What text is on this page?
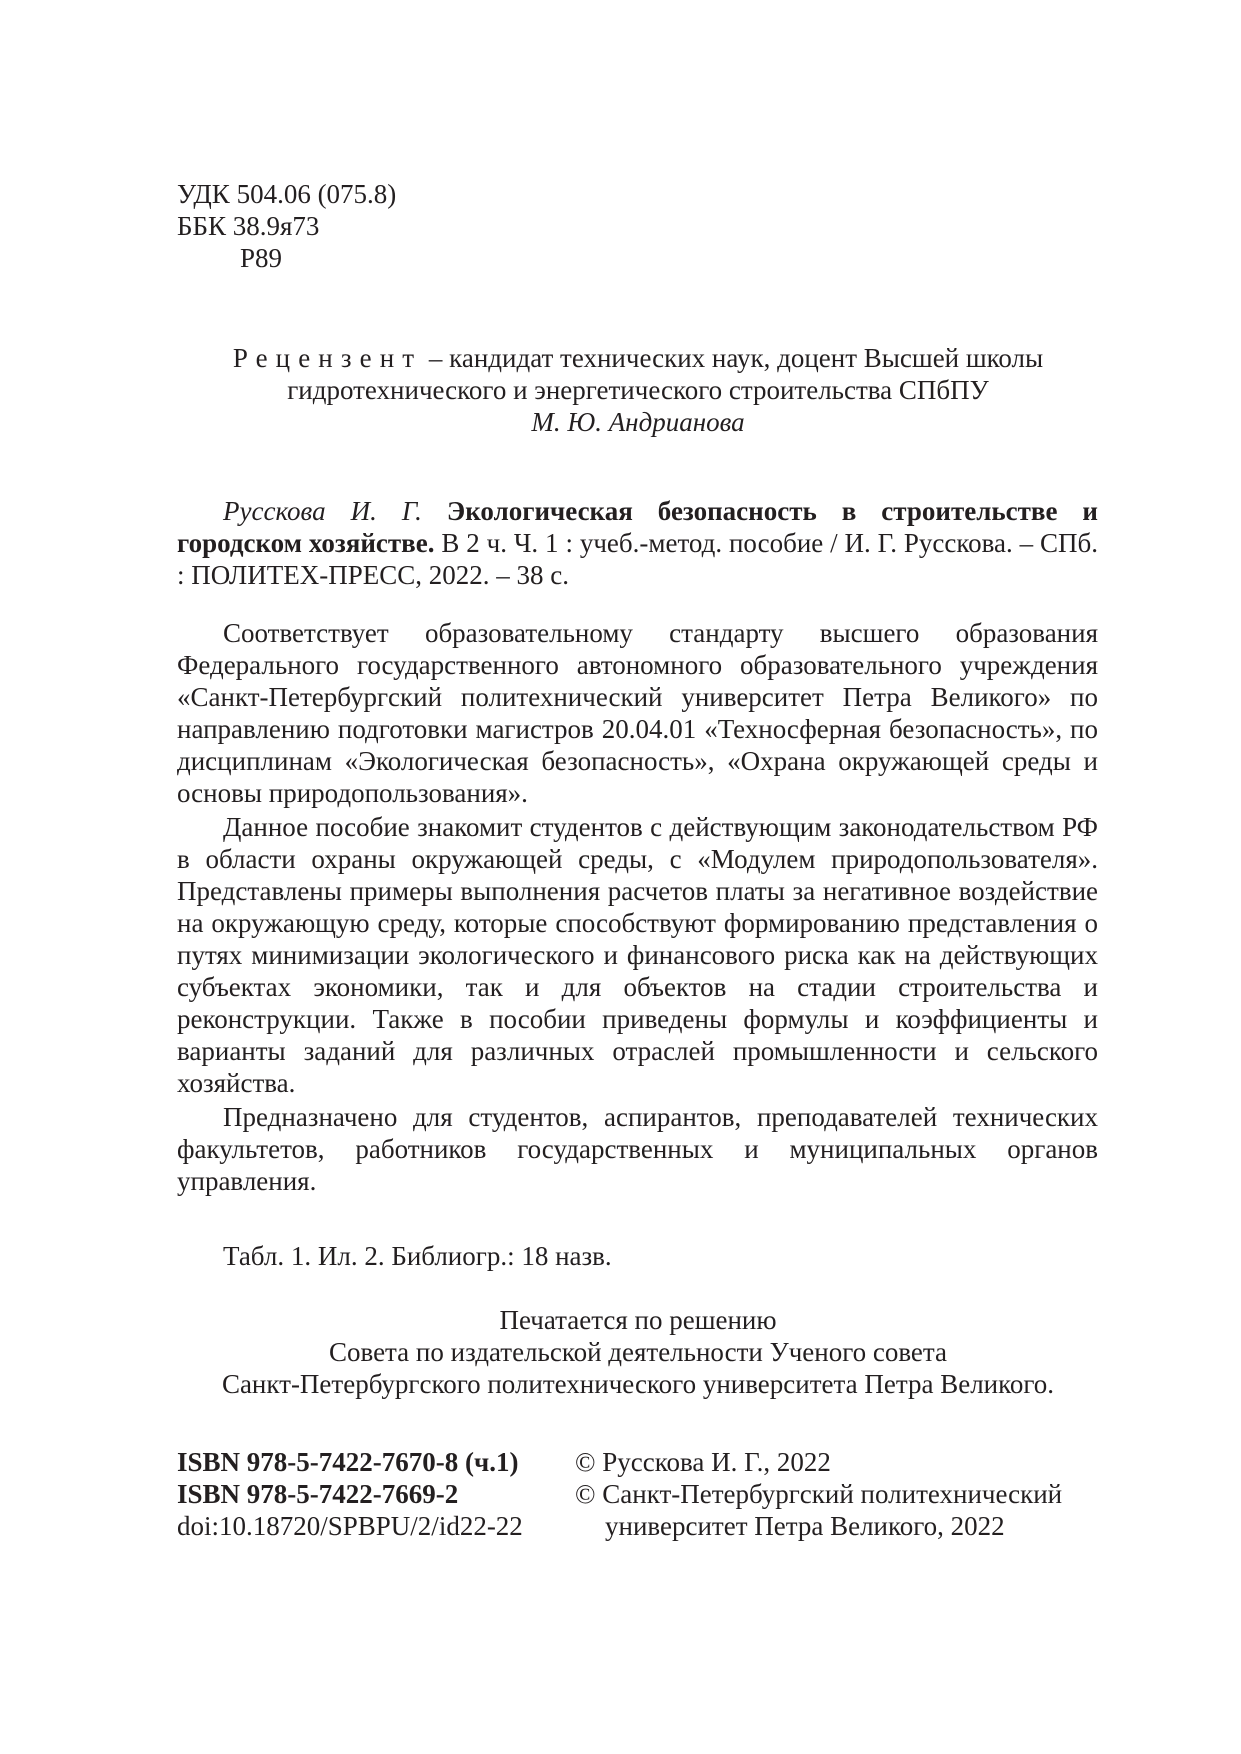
УДК 504.06 (075.8)
ББК 38.9я73
Р89
Рецензент – кандидат технических наук, доцент Высшей школы
гидротехнического и энергетического строительства СПбПУ
М. Ю. Андрианова
Русскова И. Г. Экологическая безопасность в строительстве и городском хозяйстве. В 2 ч. Ч. 1 : учеб.-метод. пособие / И. Г. Русскова. – СПб. : ПОЛИТЕХ-ПРЕСС, 2022. – 38 с.

Соответствует образовательному стандарту высшего образования Федерального государственного автономного образовательного учреждения «Санкт-Петербургский политехнический университет Петра Великого» по направлению подготовки магистров 20.04.01 «Техносферная безопасность», по дисциплинам «Экологическая безопасность», «Охрана окружающей среды и основы природопользования».

Данное пособие знакомит студентов с действующим законодательством РФ в области охраны окружающей среды, с «Модулем природопользователя». Представлены примеры выполнения расчетов платы за негативное воздействие на окружающую среду, которые способствуют формированию представления о путях минимизации экологического и финансового риска как на действующих субъектах экономики, так и для объектов на стадии строительства и реконструкции. Также в пособии приведены формулы и коэффициенты и варианты заданий для различных отраслей промышленности и сельского хозяйства.

Предназначено для студентов, аспирантов, преподавателей технических факультетов, работников государственных и муниципальных органов управления.

Табл. 1. Ил. 2. Библиогр.: 18 назв.
Печатается по решению
Совета по издательской деятельности Ученого совета
Санкт-Петербургского политехнического университета Петра Великого.
ISBN 978-5-7422-7670-8 (ч.1)
ISBN 978-5-7422-7669-2
doi:10.18720/SPBPU/2/id22-22
© Русскова И. Г., 2022
© Санкт-Петербургский политехнический
университет Петра Великого, 2022
